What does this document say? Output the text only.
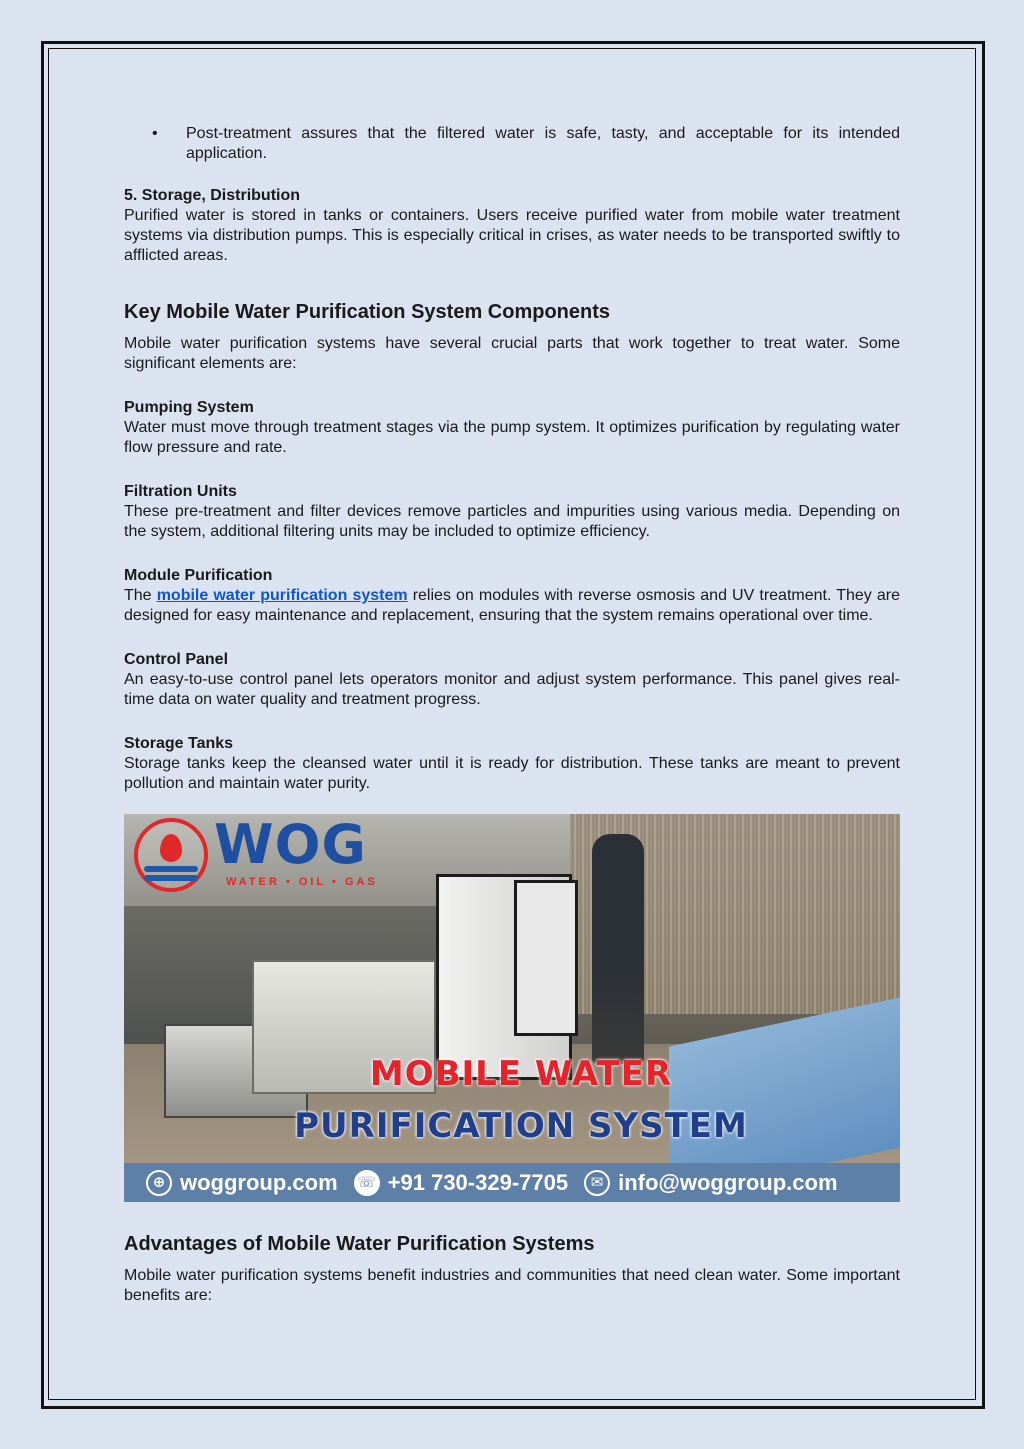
•	Post-treatment assures that the filtered water is safe, tasty, and acceptable for its intended application.
5. Storage, Distribution
Purified water is stored in tanks or containers. Users receive purified water from mobile water treatment systems via distribution pumps. This is especially critical in crises, as water needs to be transported swiftly to afflicted areas.
Key Mobile Water Purification System Components
Mobile water purification systems have several crucial parts that work together to treat water. Some significant elements are:
Pumping System
Water must move through treatment stages via the pump system. It optimizes purification by regulating water flow pressure and rate.
Filtration Units
These pre-treatment and filter devices remove particles and impurities using various media. Depending on the system, additional filtering units may be included to optimize efficiency.
Module Purification
The mobile water purification system relies on modules with reverse osmosis and UV treatment. They are designed for easy maintenance and replacement, ensuring that the system remains operational over time.
Control Panel
An easy-to-use control panel lets operators monitor and adjust system performance. This panel gives real-time data on water quality and treatment progress.
Storage Tanks
Storage tanks keep the cleansed water until it is ready for distribution. These tanks are meant to prevent pollution and maintain water purity.
WOG
WATER • OIL • GAS
MOBILE WATER
PURIFICATION SYSTEM
⊕ woggroup.com ☏ +91 730-329-7705	✉ info@woggroup.com
Advantages of Mobile Water Purification Systems
Mobile water purification systems benefit industries and communities that need clean water. Some important benefits are:
